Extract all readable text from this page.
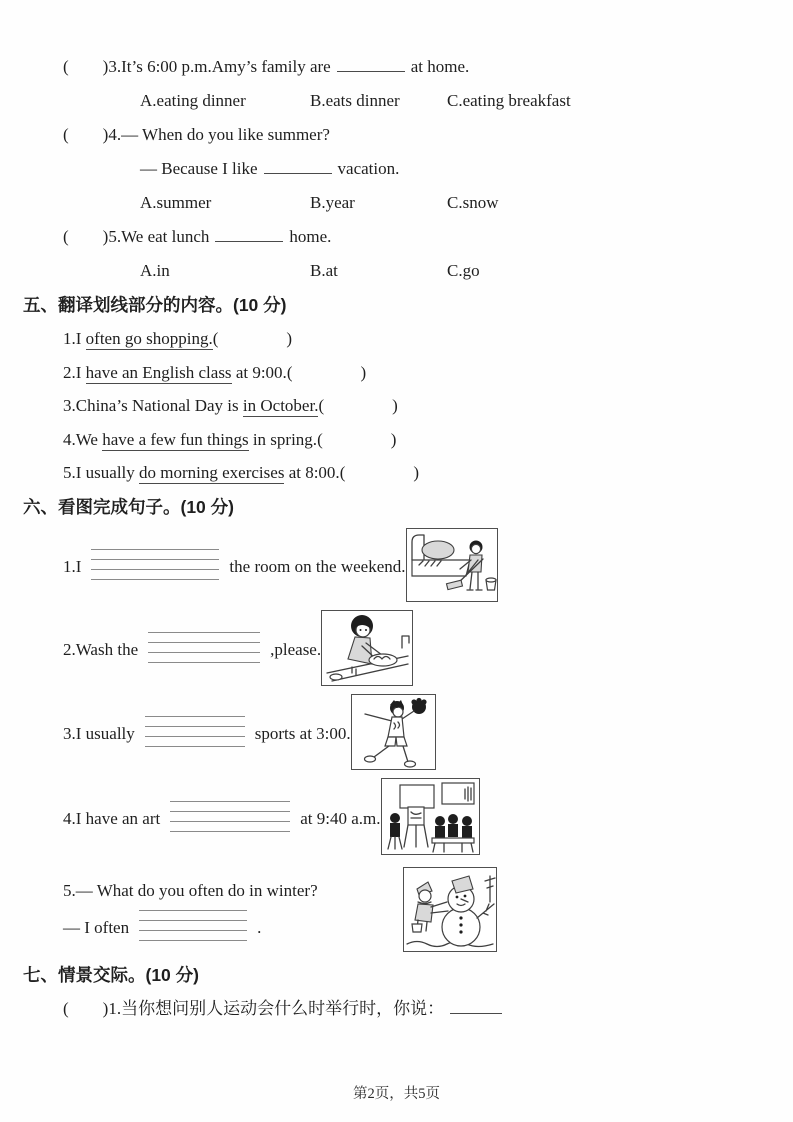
( )3.It’s 6:00 p.m.Amy’s family are	at home.
A.eating dinner	B.eats dinner	C.eating breakfast
( )4.— When do you like summer?
— Because I like	vacation.
A.summer	B.year	C.snow
( )5.We eat lunch	home.
A.in	B.at	C.go
五、翻译划线部分的内容。(10 分)
1.I often go shopping.(	)
2.I have an English class at 9:00.(	)
3.China’s National Day is in October.(	)
4.We have a few fun things in spring.(	)
5.I usually do morning exercises at 8:00.(	)
六、看图完成句子。(10 分)
1.I	the room on the weekend.
2.Wash the	,please.
3.I usually	sports at 3:00.
4.I have an art	at 9:40 a.m.
5.— What do you often do in winter?
— I often	.
七、情景交际。(10 分)
( )1.当你想问别人运动会什么时举行时，你说：
第2页，共5页
